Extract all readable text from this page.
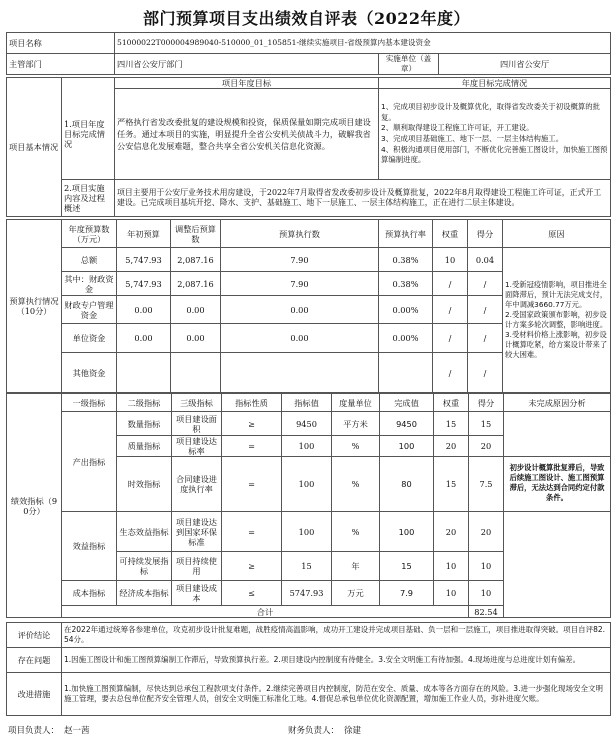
部门预算项目支出绩效自评表（2022年度）
项目名称	51000022T000004989040-510000_01_105851-继续实施项目-省级预算内基本建设资金		
主管部门	四川省公安厅部门	实施单位（盖章）	四川省公安厅
项目基本情况		项目年度目标	年度目标完成情况
	1.项目年度目标完成情况	严格执行省发改委批复的建设规模和投资，保质保量如期完成项目建设任务。通过本项目的实施，明显提升全省公安机关侦战斗力，破解我省公安信息化发展难题，整合共享全省公安机关信息化资源。	1、完成项目初步设计及概算优化，取得省发改委关于初设概算的批复。
2、顺利取得建设工程施工许可证，开工建设。
3、完成项目基础施工、地下一层、一层主体结构施工。
4、积极沟通项目使用部门，不断优化完善施工图设计，加快施工图预算编制进度。
	2.项目实施内容及过程概述	项目主要用于公安厅业务技术用房建设，于2022年7月取得省发改委初步设计及概算批复，2022年8月取得建设工程施工许可证，正式开工建设。已完成项目基坑开挖、降水、支护、基础施工、地下一层施工、一层主体结构施工，正在进行二层主体建设。	
预算执行情况（10分）	年度预算数（万元）	年初预算	调整后预算数	预算执行数	预算执行率	权重	得分	原因
	总额	5,747.93	2,087.16	7.90	0.38%	10	0.04	1.受新冠疫情影响，项目推进全面降滞后，预计无法完成支付，年中调减3660.77万元。
2.受国家政策颁布影响，初步设计方案多轮次调整，影响进度。
3.受材料价格上涨影响，初步设计概算吃紧，给方案设计带来了较大困难。
	其中：财政资金	5,747.93	2,087.16	7.90	0.38%	/	/	
	财政专户管理资金	0.00	0.00	0.00	0.00%	/	/	
	单位资金	0.00	0.00	0.00	0.00%	/	/	
	其他资金					/	/	
绩效指标（90分）	一级指标	二级指标	三级指标	指标性质	指标值	度量单位	完成值	权重	得分	未完成原因分析
	产出指标	数量指标	项目建设面积	≥	9450	平方米	9450	15	15	
		质量指标	项目建设达标率	=	100	%	100	20	20	
		时效指标	合同建设进度执行率	=	100	%	80	15	7.5	初步设计概算批复滞后，导致后续施工图设计、施工图预算滞后，无法达到合同约定付款条件。
	效益指标	生态效益指标	项目建设达到国家环保标准	=	100	%	100	20	20	
		可持续发展指标	项目持续使用	≥	15	年	15	10	10	
	成本指标	经济成本指标	项目建设成本	≤	5747.93	万元	7.9	10	10	
	合计								82.54	
评价结论	在2022年通过统筹各参建单位，攻克初步设计批复难题，战胜疫情高温影响，成功开工建设并完成项目基础、负一层和一层施工，项目推进取得突破。项目自评82.54分。
存在问题	1.因施工图设计和施工图预算编制工作滞后，导致预算执行差。2.项目建设内控制度有待健全。3.安全文明施工有待加强。4.现场进度与总进度计划有偏差。
改进措施	1.加快施工图预算编制，尽快达到总承包工程款项支付条件。2.继续完善项目内控制度，防范在安全、质量、成本等各方面存在的风险。3.进一步强化现场安全文明施工管理，要去总包单位配齐安全管理人员，创安全文明施工标准化工地。4.督促总承包单位优化资源配置，增加施工作业人员，弥补进度欠账。
项目负责人： 赵一茜	财务负责人： 徐建
